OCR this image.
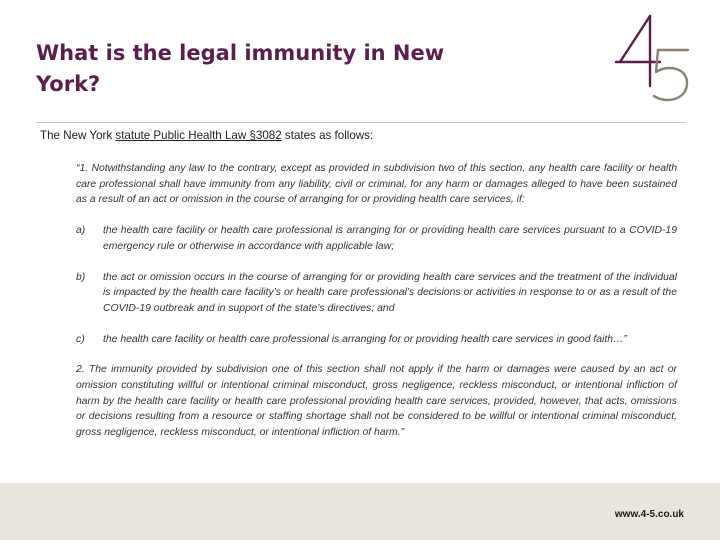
What is the legal immunity in New York?

The New York statute Public Health Law §3082 states as follows:

“1. Notwithstanding any law to the contrary, except as provided in subdivision two of this section, any health care facility or health care professional shall have immunity from any liability, civil or criminal, for any harm or damages alleged to have been sustained as a result of an act or omission in the course of arranging for or providing health care services, if:

a)	the health care facility or health care professional is arranging for or providing health care services pursuant to a COVID-19 emergency rule or otherwise in accordance with applicable law;
b)	the act or omission occurs in the course of arranging for or providing health care services and the treatment of the individual is impacted by the health care facility’s or health care professional’s decisions or activities in response to or as a result of the COVID-19 outbreak and in support of the state’s directives; and
c)	the health care facility or health care professional is arranging for or providing health care services in good faith…”

2. The immunity provided by subdivision one of this section shall not apply if the harm or damages were caused by an act or omission constituting willful or intentional criminal misconduct, gross negligence, reckless misconduct, or intentional infliction of harm by the health care facility or health care professional providing health care services, provided, however, that acts, omissions or decisions resulting from a resource or staffing shortage shall not be considered to be willful or intentional criminal misconduct, gross negligence, reckless misconduct, or intentional infliction of harm.”

www.4-5.co.uk
